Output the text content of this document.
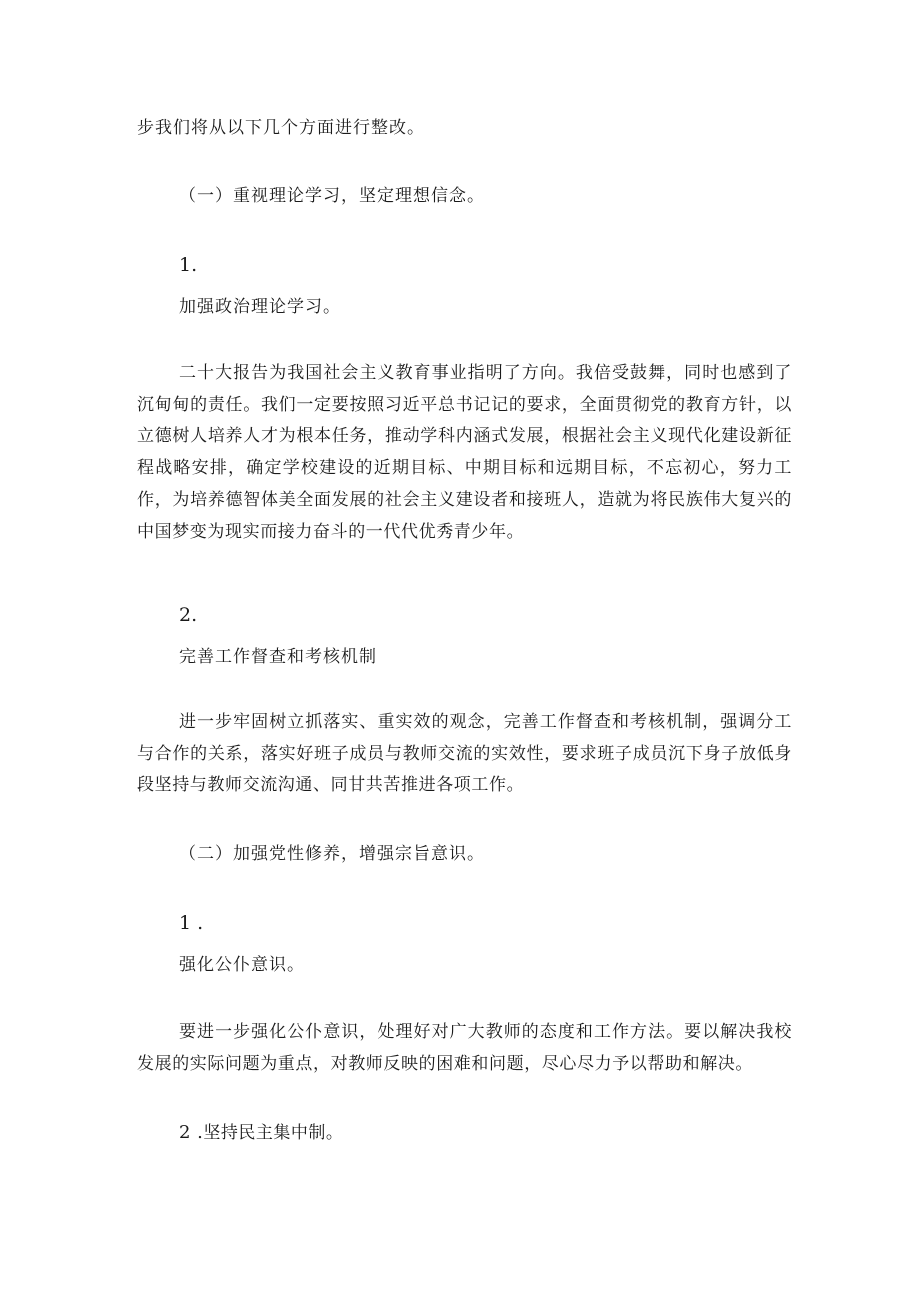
步我们将从以下几个方面进行整改。
（一）重视理论学习，坚定理想信念。
1.
加强政治理论学习。

二十大报告为我国社会主义教育事业指明了方向。我倍受鼓舞，同时也感到了沉甸甸的责任。我们一定要按照习近平总书记记的要求，全面贯彻党的教育方针，以立德树人培养人才为根本任务，推动学科内涵式发展，根据社会主义现代化建设新征程战略安排，确定学校建设的近期目标、中期目标和远期目标，不忘初心，努力工作，为培养德智体美全面发展的社会主义建设者和接班人，造就为将民族伟大复兴的中国梦变为现实而接力奋斗的一代代优秀青少年。

2.
完善工作督查和考核机制

进一步牢固树立抓落实、重实效的观念，完善工作督查和考核机制，强调分工与合作的关系，落实好班子成员与教师交流的实效性，要求班子成员沉下身子放低身段坚持与教师交流沟通、同甘共苦推进各项工作。

（二）加强党性修养，增强宗旨意识。
1 .
强化公仆意识。

要进一步强化公仆意识，处理好对广大教师的态度和工作方法。要以解决我校发展的实际问题为重点，对教师反映的困难和问题，尽心尽力予以帮助和解决。

2 .坚持民主集中制。
